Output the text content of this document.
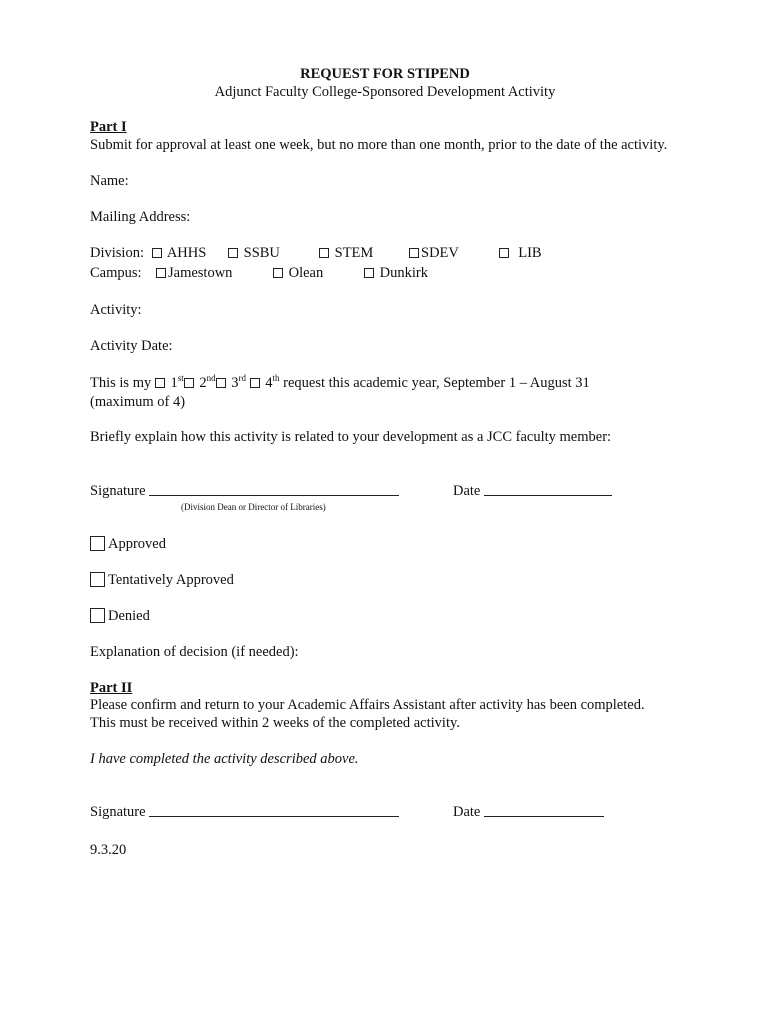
REQUEST FOR STIPEND
Adjunct Faculty College-Sponsored Development Activity
Part I
Submit for approval at least one week, but no more than one month, prior to the date of the activity.
Name:
Mailing Address:
Division:	AHHS	SSBU	STEM	SDEV	LIB
Campus:	Jamestown	Olean	Dunkirk
Activity:
Activity Date:
This is my 1st 2nd 3rd 4th request this academic year, September 1 – August 31
(maximum of 4)
Briefly explain how this activity is related to your development as a JCC faculty member:
Signature
(Division Dean or Director of Libraries)
Date
Approved
Tentatively Approved
Denied
Explanation of decision (if needed):
Part II
Please confirm and return to your Academic Affairs Assistant after activity has been completed.
This must be received within 2 weeks of the completed activity.
I have completed the activity described above.
Signature	Date
9.3.20
